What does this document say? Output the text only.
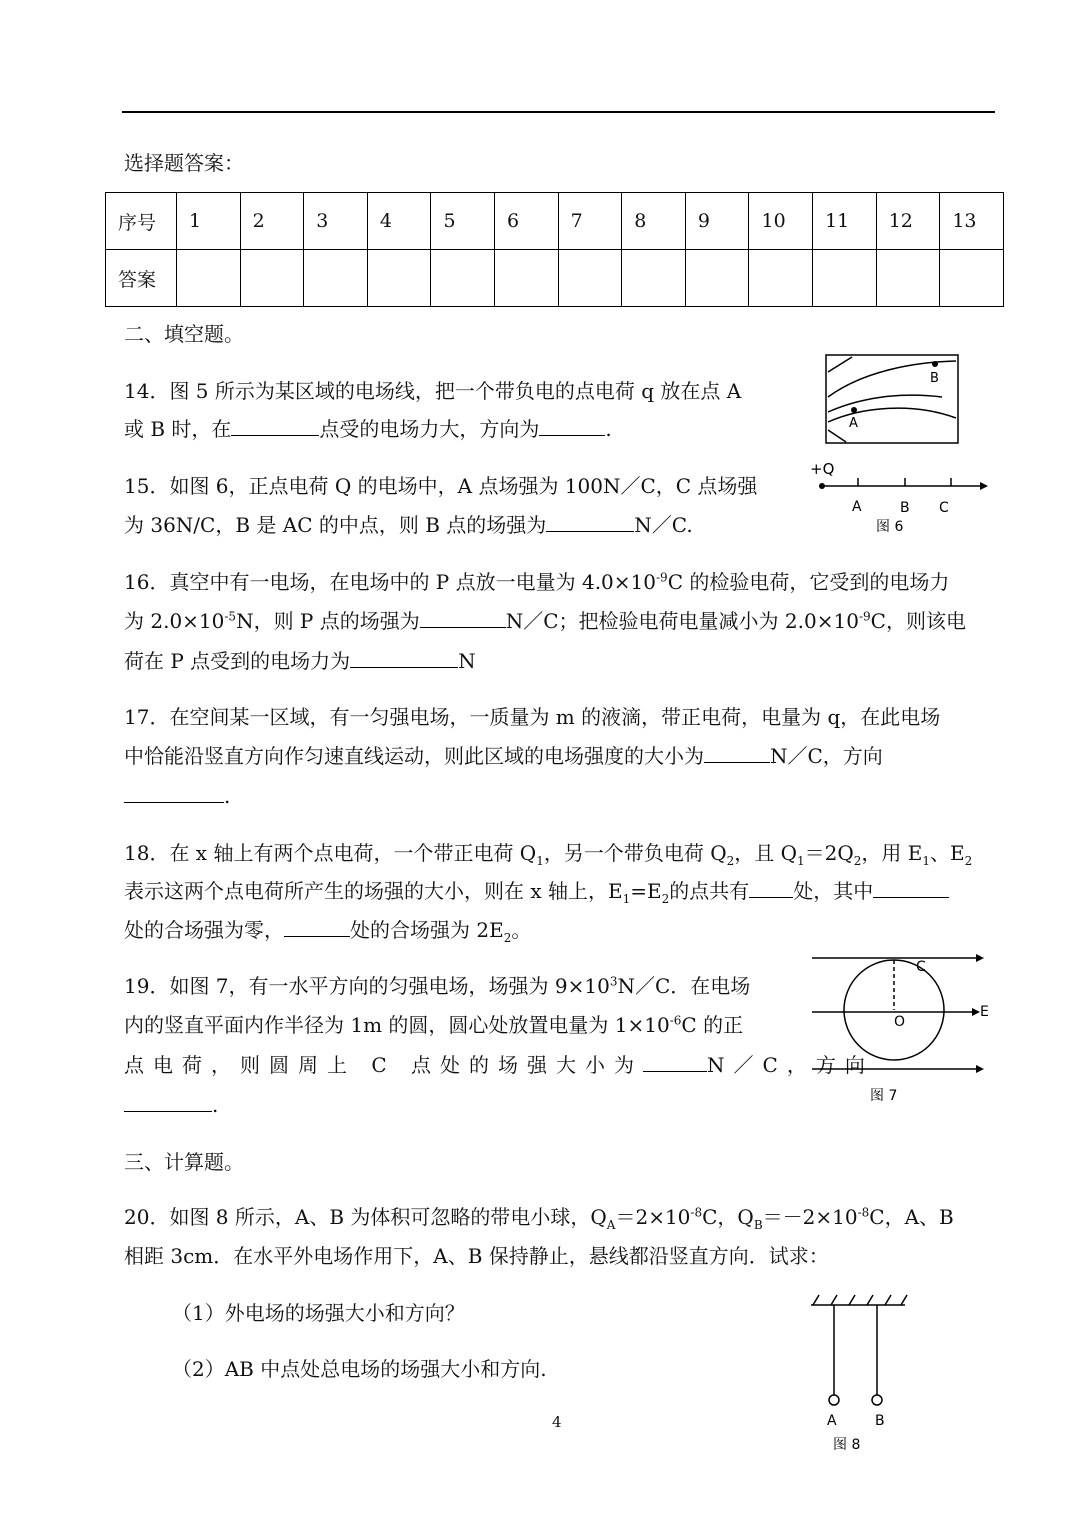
选择题答案：
序号	1	2	3	4	5	6	7	8	9	10	11	12	13
答案													
二、填空题。
14．图 5 所示为某区域的电场线，把一个带负电的点电荷 q 放在点 A
或 B 时，在	点受的电场力大，方向为	.
B
A
15．如图 6，正点电荷 Q 的电场中，A 点场强为 100N／C，C 点场强
为 36N/C，B 是 AC 的中点，则 B 点的场强为	N／C.
+Q
A	B C
图 6
16．真空中有一电场，在电场中的 P 点放一电量为 $4.0\times 10^{-9}C$ 的检验电荷，它受到的电场力
为 $2.0\times 10^{-5}N$，则 P 点的场强为	N／C；把检验电荷电量减小为 $2.0\times 10^{-9}C$，则该电
荷在 P 点受到的电场力为	N
17．在空间某一区域，有一匀强电场，一质量为 m 的液滴，带正电荷，电量为 q，在此电场
中恰能沿竖直方向作匀速直线运动，则此区域的电场强度的大小为	N／C，方向
.
18．在 x 轴上有两个点电荷，一个带正电荷 $Q_1$，另一个带负电荷 $Q_2$，且 $Q_1=2Q_2$，用 $E_1$、$E_2$
表示这两个点电荷所产生的场强的大小，则在 x 轴上，$E_1=E_2$的点共有 处，其中
处的合场强为零，	处的合场强为 $2E_2$。
19．如图 7，有一水平方向的匀强电场，场强为 $9\times 10^3N/C$．在电场
内的竖直平面内作半径为 1m 的圆，圆心处放置电量为 $1\times 10^{-6}C$ 的正
点电荷，则圆周上 C 点处的场强大小为	N／C，方向
.
C
O
E
图 7
三、计算题。
20．如图 8 所示，A、B 为体积可忽略的带电小球，$Q_A=2\times 10^{-8}C$，$Q_B=-2\times 10^{-8}C$，A、B
相距 3cm．在水平外电场作用下，A、B 保持静止，悬线都沿竖直方向．试求：
（1）外电场的场强大小和方向？
（2）AB 中点处总电场的场强大小和方向.
A	B
图 8
4
